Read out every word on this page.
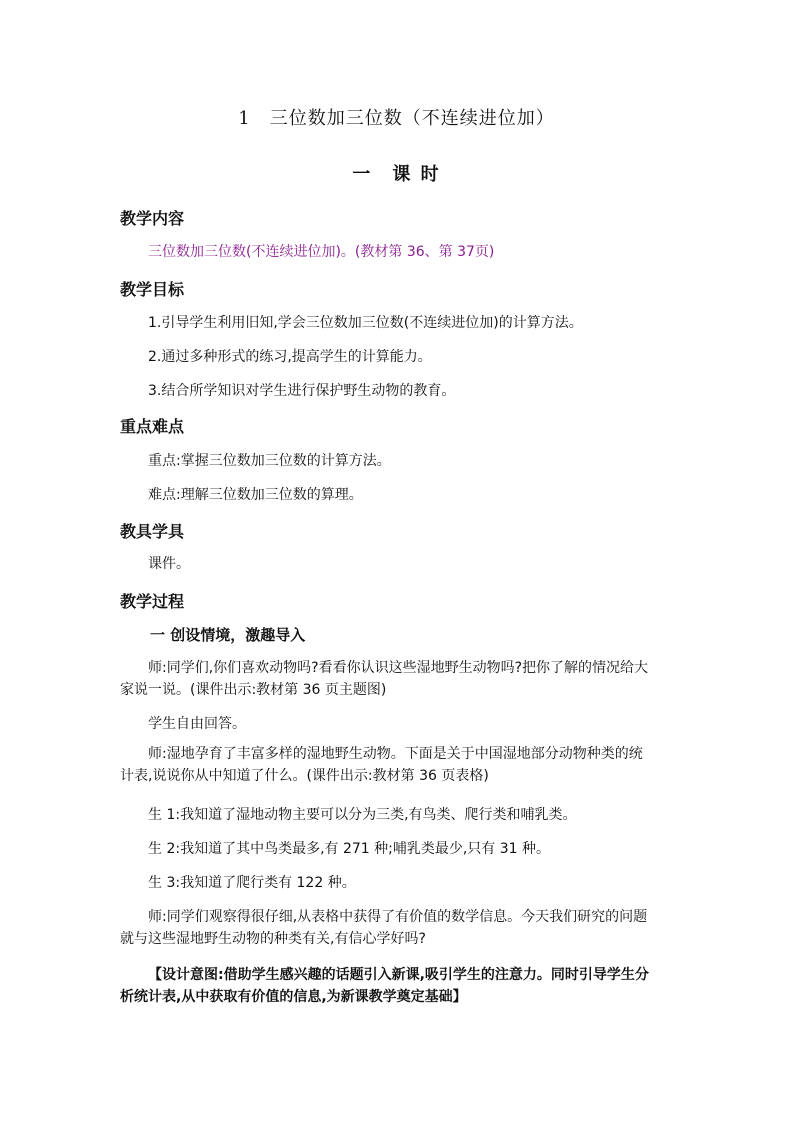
1　三位数加三位数（不连续进位加）
一　课 时
教学内容

三位数加三位数(不连续进位加)。(教材第 36、第 37页)

教学目标

1.引导学生利用旧知,学会三位数加三位数(不连续进位加)的计算方法。

2.通过多种形式的练习,提高学生的计算能力。

3.结合所学知识对学生进行保护野生动物的教育。

重点难点

重点:掌握三位数加三位数的计算方法。

难点:理解三位数加三位数的算理。

教具学具

课件。

教学过程
一 创设情境，激趣导入

师:同学们,你们喜欢动物吗?看看你认识这些湿地野生动物吗?把你了解的情况给大家说一说。(课件出示:教材第 36 页主题图)

学生自由回答。

师:湿地孕育了丰富多样的湿地野生动物。下面是关于中国湿地部分动物种类的统计表,说说你从中知道了什么。(课件出示:教材第 36 页表格)

生 1:我知道了湿地动物主要可以分为三类,有鸟类、爬行类和哺乳类。

生 2:我知道了其中鸟类最多,有 271 种;哺乳类最少,只有 31 种。

生 3:我知道了爬行类有 122 种。

师:同学们观察得很仔细,从表格中获得了有价值的数学信息。今天我们研究的问题就与这些湿地野生动物的种类有关,有信心学好吗?

【设计意图:借助学生感兴趣的话题引入新课,吸引学生的注意力。同时引导学生分析统计表,从中获取有价值的信息,为新课教学奠定基础】
